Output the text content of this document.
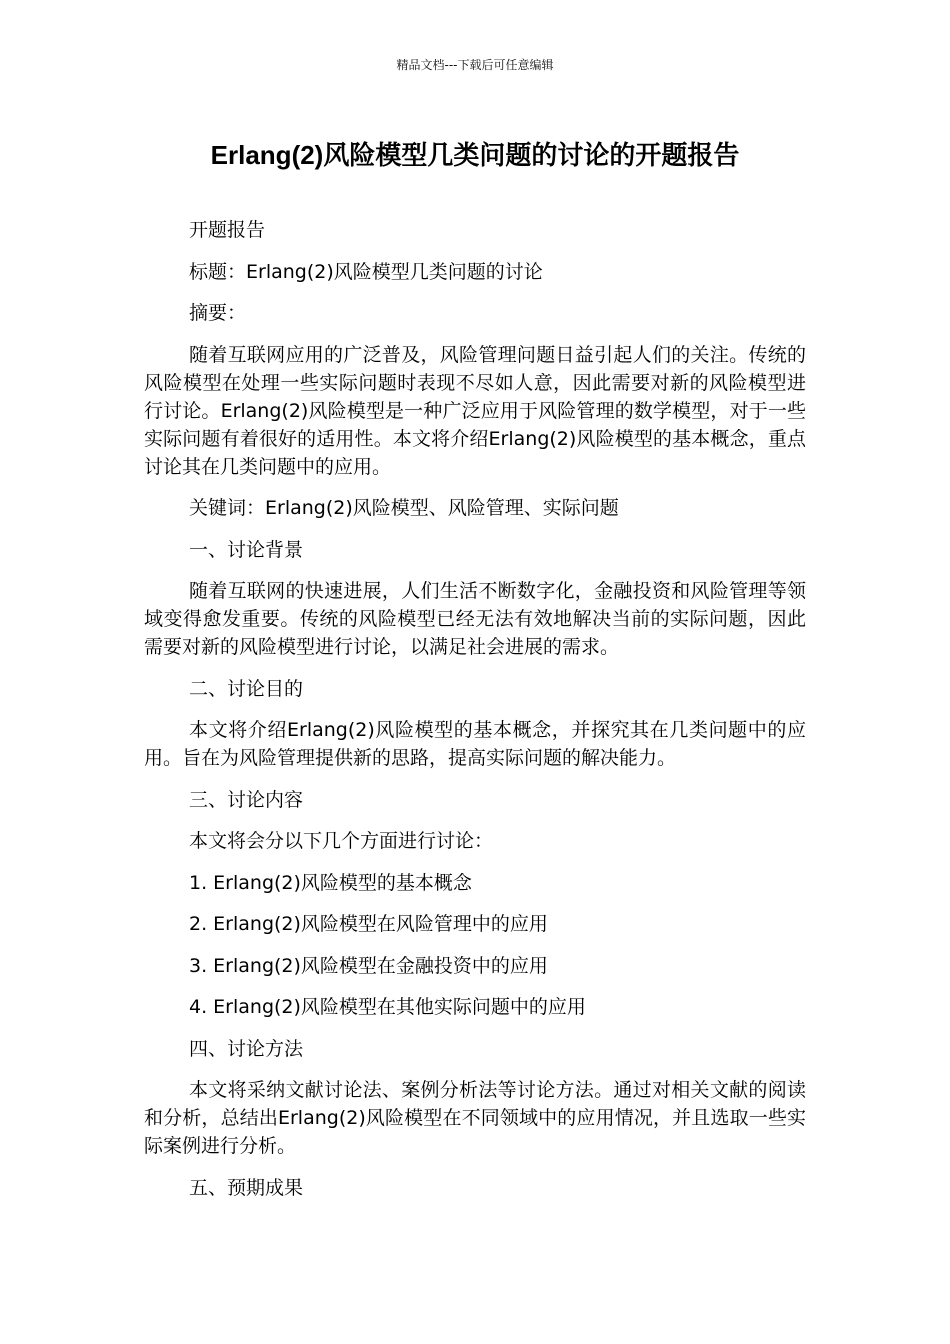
精品文档---下载后可任意编辑
Erlang(2)风险模型几类问题的讨论的开题报告

开题报告

标题：Erlang(2)风险模型几类问题的讨论

摘要：

随着互联网应用的广泛普及，风险管理问题日益引起人们的关注。传统的风险模型在处理一些实际问题时表现不尽如人意，因此需要对新的风险模型进行讨论。Erlang(2)风险模型是一种广泛应用于风险管理的数学模型，对于一些实际问题有着很好的适用性。本文将介绍Erlang(2)风险模型的基本概念，重点讨论其在几类问题中的应用。

关键词：Erlang(2)风险模型、风险管理、实际问题

一、讨论背景

随着互联网的快速进展，人们生活不断数字化，金融投资和风险管理等领域变得愈发重要。传统的风险模型已经无法有效地解决当前的实际问题，因此需要对新的风险模型进行讨论，以满足社会进展的需求。

二、讨论目的

本文将介绍Erlang(2)风险模型的基本概念，并探究其在几类问题中的应用。旨在为风险管理提供新的思路，提高实际问题的解决能力。

三、讨论内容

本文将会分以下几个方面进行讨论：

1. Erlang(2)风险模型的基本概念

2. Erlang(2)风险模型在风险管理中的应用

3. Erlang(2)风险模型在金融投资中的应用

4. Erlang(2)风险模型在其他实际问题中的应用

四、讨论方法

本文将采纳文献讨论法、案例分析法等讨论方法。通过对相关文献的阅读和分析，总结出Erlang(2)风险模型在不同领域中的应用情况，并且选取一些实际案例进行分析。

五、预期成果
